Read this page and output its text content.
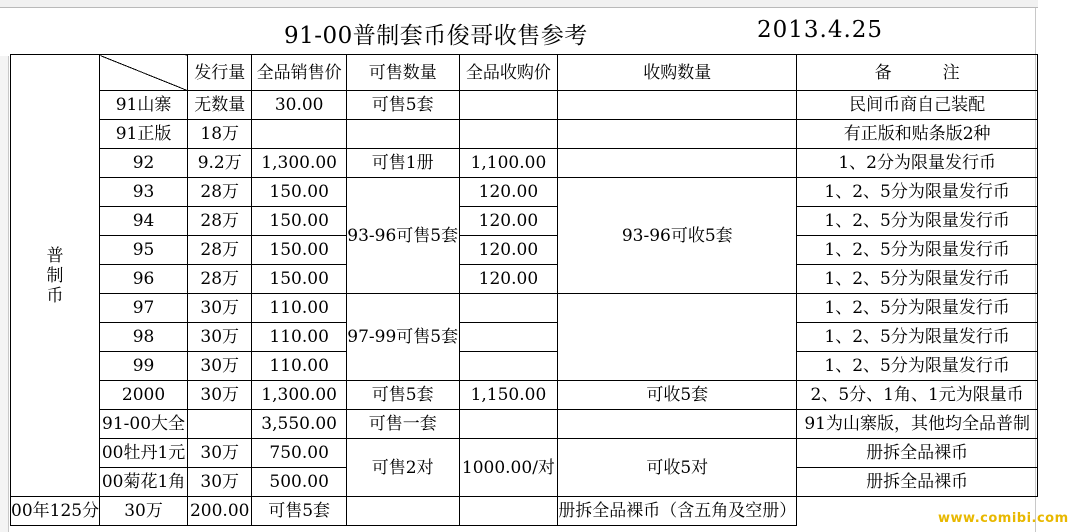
91-00普制套币俊哥收售参考	2013.4.25
普
制
币		发行量	全品销售价	可售数量	全品收购价	收购数量	备　　　注
	91山寨	无数量	30.00	可售5套			民间币商自己装配
	91正版	18万					有正版和贴条版2种
	92	9.2万	1,300.00	可售1册	1,100.00		1、2分为限量发行币
	93	28万	150.00	93-96可售5套	120.00	93-96可收5套	1、2、5分为限量发行币
	94	28万	150.00		120.00		1、2、5分为限量发行币
	95	28万	150.00		120.00		1、2、5分为限量发行币
	96	28万	150.00		120.00		1、2、5分为限量发行币
	97	30万	110.00	97-99可售5套			1、2、5分为限量发行币
	98	30万	110.00				1、2、5分为限量发行币
	99	30万	110.00				1、2、5分为限量发行币
	2000	30万	1,300.00	可售5套	1,150.00	可收5套	2、5分、1角、1元为限量币
	91-00大全		3,550.00	可售一套			91为山寨版，其他均全品普制
	00牡丹1元	30万	750.00	可售2对	1000.00/对	可收5对	册拆全品裸币
	00菊花1角	30万	500.00				册拆全品裸币
00年125分	30万	200.00	可售5套			册拆全品裸币（含五角及空册）		www.comibi.com
